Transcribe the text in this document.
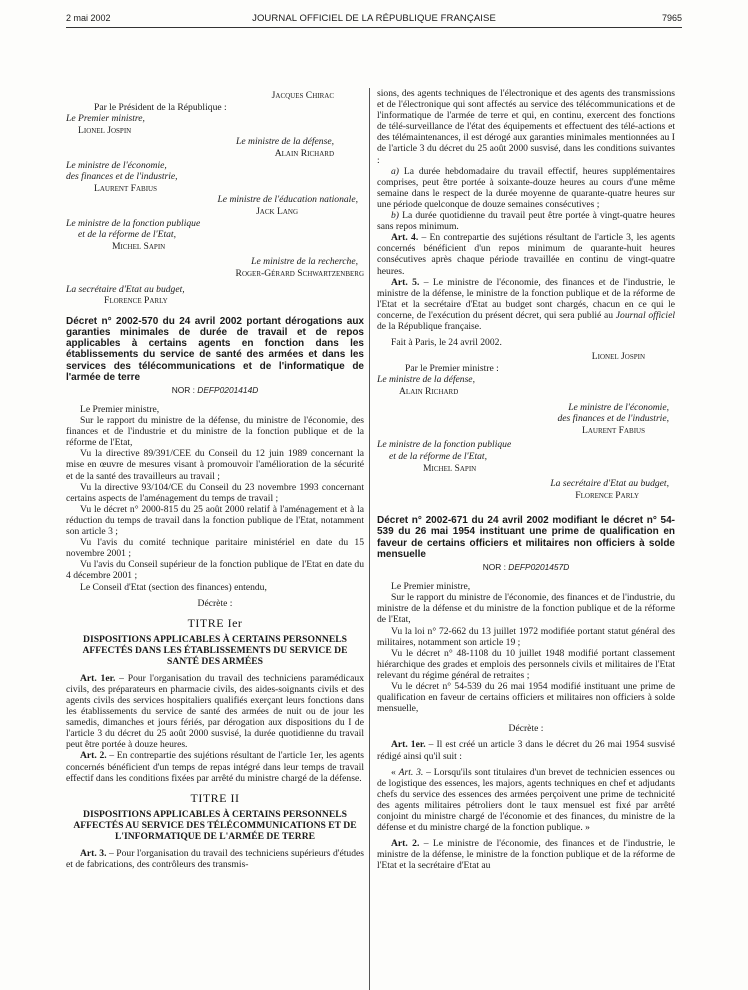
2 mai 2002	JOURNAL OFFICIEL DE LA RÉPUBLIQUE FRANÇAISE	7965

Jacques Chirac

Par le Président de la République :

Le Premier ministre,

Lionel Jospin

Le ministre de la défense,

Alain Richard

Le ministre de l'économie,

des finances et de l'industrie,

Laurent Fabius

Le ministre de l'éducation nationale,

Jack Lang

Le ministre de la fonction publique

et de la réforme de l'Etat,

Michel Sapin

Le ministre de la recherche,

Roger-Gérard Schwartzenberg

La secrétaire d'Etat au budget,

Florence Parly

Décret n° 2002-570 du 24 avril 2002 portant dérogations aux garanties minimales de durée de travail et de repos applicables à certains agents en fonction dans les établissements du service de santé des armées et dans les services des télécommunications et de l'informatique de l'armée de terre

NOR : DEFP0201414D

Le Premier ministre,

Sur le rapport du ministre de la défense, du ministre de l'économie, des finances et de l'industrie et du ministre de la fonction publique et de la réforme de l'Etat,

Vu la directive 89/391/CEE du Conseil du 12 juin 1989 concernant la mise en œuvre de mesures visant à promouvoir l'amélioration de la sécurité et de la santé des travailleurs au travail ;

Vu la directive 93/104/CE du Conseil du 23 novembre 1993 concernant certains aspects de l'aménagement du temps de travail ;

Vu le décret n° 2000-815 du 25 août 2000 relatif à l'aménagement et à la réduction du temps de travail dans la fonction publique de l'Etat, notamment son article 3 ;

Vu l'avis du comité technique paritaire ministériel en date du 15 novembre 2001 ;

Vu l'avis du Conseil supérieur de la fonction publique de l'Etat en date du 4 décembre 2001 ;

Le Conseil d'Etat (section des finances) entendu,

Décrète :

TITRE Ier

DISPOSITIONS APPLICABLES À CERTAINS PERSONNELS AFFECTÉS DANS LES ÉTABLISSEMENTS DU SERVICE DE SANTÉ DES ARMÉES

Art. 1er. – Pour l'organisation du travail des techniciens paramédicaux civils, des préparateurs en pharmacie civils, des aides-soignants civils et des agents civils des services hospitaliers qualifiés exerçant leurs fonctions dans les établissements du service de santé des armées de nuit ou de jour les samedis, dimanches et jours fériés, par dérogation aux dispositions du I de l'article 3 du décret du 25 août 2000 susvisé, la durée quotidienne du travail peut être portée à douze heures.

Art. 2. – En contrepartie des sujétions résultant de l'article 1er, les agents concernés bénéficient d'un temps de repas intégré dans leur temps de travail effectif dans les conditions fixées par arrêté du ministre chargé de la défense.

TITRE II

DISPOSITIONS APPLICABLES À CERTAINS PERSONNELS AFFECTÉS AU SERVICE DES TÉLÉCOMMUNICATIONS ET DE L'INFORMATIQUE DE L'ARMÉE DE TERRE

Art. 3. – Pour l'organisation du travail des techniciens supérieurs d'études et de fabrications, des contrôleurs des transmis-

sions, des agents techniques de l'électronique et des agents des transmissions et de l'électronique qui sont affectés au service des télécommunications et de l'informatique de l'armée de terre et qui, en continu, exercent des fonctions de télé-surveillance de l'état des équipements et effectuent des télé-actions et des télémaintenances, il est dérogé aux garanties minimales mentionnées au I de l'article 3 du décret du 25 août 2000 susvisé, dans les conditions suivantes :

a) La durée hebdomadaire du travail effectif, heures supplémentaires comprises, peut être portée à soixante-douze heures au cours d'une même semaine dans le respect de la durée moyenne de quarante-quatre heures sur une période quelconque de douze semaines consécutives ;

b) La durée quotidienne du travail peut être portée à vingt-quatre heures sans repos minimum.

Art. 4. – En contrepartie des sujétions résultant de l'article 3, les agents concernés bénéficient d'un repos minimum de quarante-huit heures consécutives après chaque période travaillée en continu de vingt-quatre heures.

Art. 5. – Le ministre de l'économie, des finances et de l'industrie, le ministre de la défense, le ministre de la fonction publique et de la réforme de l'Etat et la secrétaire d'Etat au budget sont chargés, chacun en ce qui le concerne, de l'exécution du présent décret, qui sera publié au Journal officiel de la République française.

Fait à Paris, le 24 avril 2002.

Lionel Jospin

Par le Premier ministre :

Le ministre de la défense,

Alain Richard

Le ministre de l'économie,

des finances et de l'industrie,

Laurent Fabius

Le ministre de la fonction publique

et de la réforme de l'Etat,

Michel Sapin

La secrétaire d'Etat au budget,

Florence Parly

Décret n° 2002-671 du 24 avril 2002 modifiant le décret n° 54-539 du 26 mai 1954 instituant une prime de qualification en faveur de certains officiers et militaires non officiers à solde mensuelle

NOR : DEFP0201457D

Le Premier ministre,

Sur le rapport du ministre de l'économie, des finances et de l'industrie, du ministre de la défense et du ministre de la fonction publique et de la réforme de l'Etat,

Vu la loi n° 72-662 du 13 juillet 1972 modifiée portant statut général des militaires, notamment son article 19 ;

Vu le décret n° 48-1108 du 10 juillet 1948 modifié portant classement hiérarchique des grades et emplois des personnels civils et militaires de l'Etat relevant du régime général de retraites ;

Vu le décret n° 54-539 du 26 mai 1954 modifié instituant une prime de qualification en faveur de certains officiers et militaires non officiers à solde mensuelle,

Décrète :

Art. 1er. – Il est créé un article 3 dans le décret du 26 mai 1954 susvisé rédigé ainsi qu'il suit :

« Art. 3. – Lorsqu'ils sont titulaires d'un brevet de technicien essences ou de logistique des essences, les majors, agents techniques en chef et adjudants chefs du service des essences des armées perçoivent une prime de technicité des agents militaires pétroliers dont le taux mensuel est fixé par arrêté conjoint du ministre chargé de l'économie et des finances, du ministre de la défense et du ministre chargé de la fonction publique. »

Art. 2. – Le ministre de l'économie, des finances et de l'industrie, le ministre de la défense, le ministre de la fonction publique et de la réforme de l'Etat et la secrétaire d'Etat au
